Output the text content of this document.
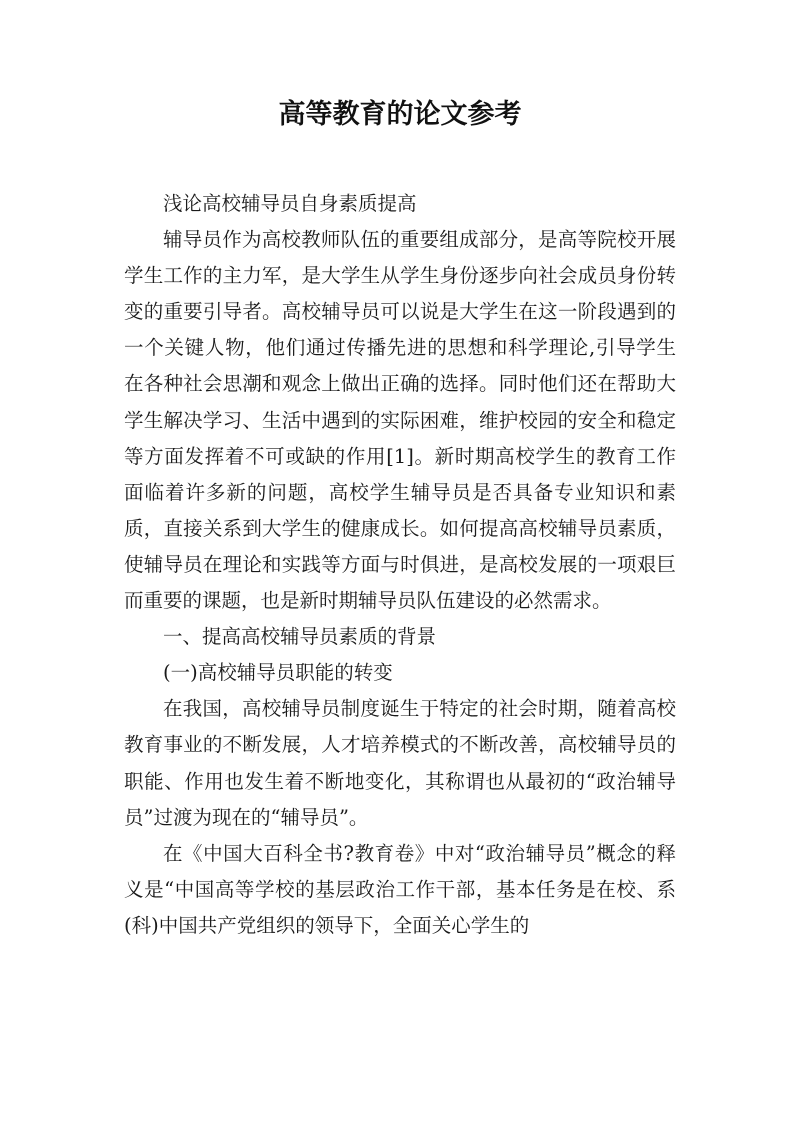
高等教育的论文参考

浅论高校辅导员自身素质提高

辅导员作为高校教师队伍的重要组成部分，是高等院校开展学生工作的主力军，是大学生从学生身份逐步向社会成员身份转变的重要引导者。高校辅导员可以说是大学生在这一阶段遇到的一个关键人物，他们通过传播先进的思想和科学理论,引导学生在各种社会思潮和观念上做出正确的选择。同时他们还在帮助大学生解决学习、生活中遇到的实际困难，维护校园的安全和稳定等方面发挥着不可或缺的作用[1]。新时期高校学生的教育工作面临着许多新的问题，高校学生辅导员是否具备专业知识和素质，直接关系到大学生的健康成长。如何提高高校辅导员素质，使辅导员在理论和实践等方面与时俱进，是高校发展的一项艰巨而重要的课题，也是新时期辅导员队伍建设的必然需求。

一、提高高校辅导员素质的背景

(一)高校辅导员职能的转变

在我国，高校辅导员制度诞生于特定的社会时期，随着高校教育事业的不断发展，人才培养模式的不断改善，高校辅导员的职能、作用也发生着不断地变化，其称谓也从最初的“政治辅导员”过渡为现在的“辅导员”。

在《中国大百科全书?教育卷》中对“政治辅导员”概念的释义是“中国高等学校的基层政治工作干部，基本任务是在校、系(科)中国共产党组织的领导下，全面关心学生的
